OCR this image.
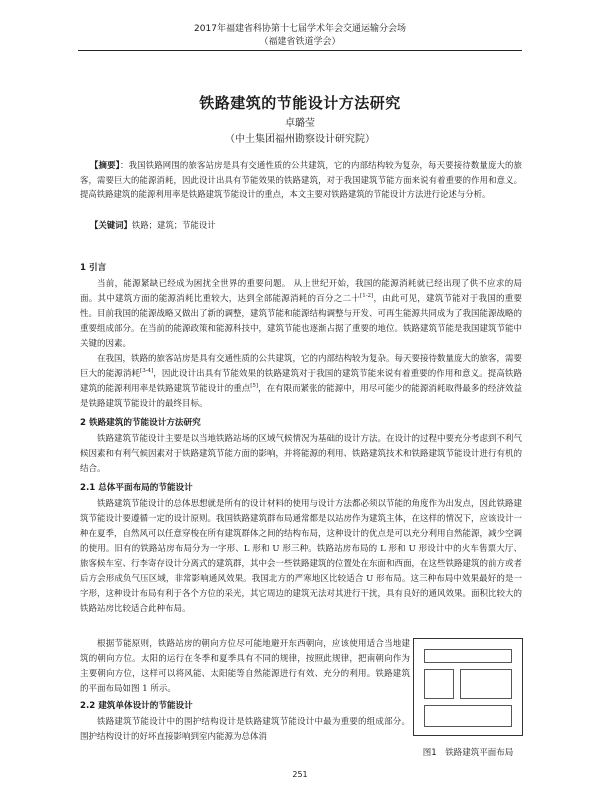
2017年福建省科协第十七届学术年会交通运输分会场
（福建省铁道学会）
铁路建筑的节能设计方法研究
卓璐莹
（中土集团福州勘察设计研究院）
【摘要】：我国铁路网围的旅客站房是具有交通性质的公共建筑，它的内部结构较为复杂，每天要接待数量庞大的旅客，需要巨大的能源消耗，因此设计出具有节能效果的铁路建筑，对于我国建筑节能方面来说有着重要的作用和意义。提高铁路建筑的能源利用率是铁路建筑节能设计的重点，本文主要对铁路建筑的节能设计方法进行论述与分析。
【关键词】铁路；建筑；节能设计
1 引言
当前，能源紧缺已经成为困扰全世界的重要问题。 从上世纪开始，我国的能源消耗就已经出现了供不应求的局面。其中建筑方面的能源消耗比重较大，达到全部能源消耗的百分之二十[1-2]，由此可见，建筑节能对于我国的重要性。目前我国的能源战略又做出了新的调整，建筑节能和能源结构调整与开发、可再生能源共同成为了我国能源战略的重要组成部分。在当前的能源政策和能源科技中，建筑节能也逐渐占据了重要的地位。铁路建筑节能是我国建筑节能中关键的因素。
在我国，铁路的旅客站房是具有交通性质的公共建筑，它的内部结构较为复杂。每天要接待数量庞大的旅客，需要巨大的能源消耗[3-4]，因此设计出具有节能效果的铁路建筑对于我国的建筑节能来说有着重要的作用和意义。提高铁路建筑的能源利用率是铁路建筑节能设计的重点[5]，在有限而紧张的能源中，用尽可能少的能源消耗取得最多的经济效益是铁路建筑节能设计的最终目标。
2 铁路建筑的节能设计方法研究
铁路建筑节能设计主要是以当地铁路站场的区域气候情况为基础的设计方法。在设计的过程中要充分考虑到不利气候因素和有利气候因素对于铁路建筑节能方面的影响，并将能源的利用、铁路建筑技术和铁路建筑节能设计进行有机的结合。
2.1 总体平面布局的节能设计
铁路建筑节能设计的总体思想就是所有的设计材料的使用与设计方法都必须以节能的角度作为出发点，因此铁路建筑节能设计要遵循一定的设计原则。我国铁路建筑群布局通常都是以站房作为建筑主体，在这样的情况下，应该设计一种在夏季，自然风可以任意穿梭在所有建筑群体之间的结构布局，这种设计的优点是可以充分利用自然能源，减少空调的使用。旧有的铁路站房布局分为一字形、L 形和 U 形三种。铁路站房布局的 L 形和 U 形设计中的火车售票大厅、旅客候车室、行李寄存设计分离式的建筑群，其中会一些铁路建筑的位置处在东面和西面，在这些铁路建筑的前方或者后方会形成负气压区域，非常影响通风效果。我国北方的严寒地区比较适合 U 形布局。这三种布局中效果最好的是一字形，这种设计布局有利于各个方位的采光，其它周边的建筑无法对其进行干扰，具有良好的通风效果。面积比较大的铁路站房比较适合此种布局。
根据节能原则，铁路站房的朝向方位尽可能地避开东西朝向，应该使用适合当地建筑的朝向方位。太阳的运行在冬季和夏季具有不同的规律，按照此规律，把南朝向作为主要朝向方位，这样可以将风能、太阳能等自然能源进行有效、充分的利用。铁路建筑的平面布局如图 1 所示。
2.2 建筑单体设计的节能设计
铁路建筑节能设计中的围护结构设计是铁路建筑节能设计中最为重要的组成部分。围护结构设计的好坏直接影响到室内能源为总体消
图1　铁路建筑平面布局
251
